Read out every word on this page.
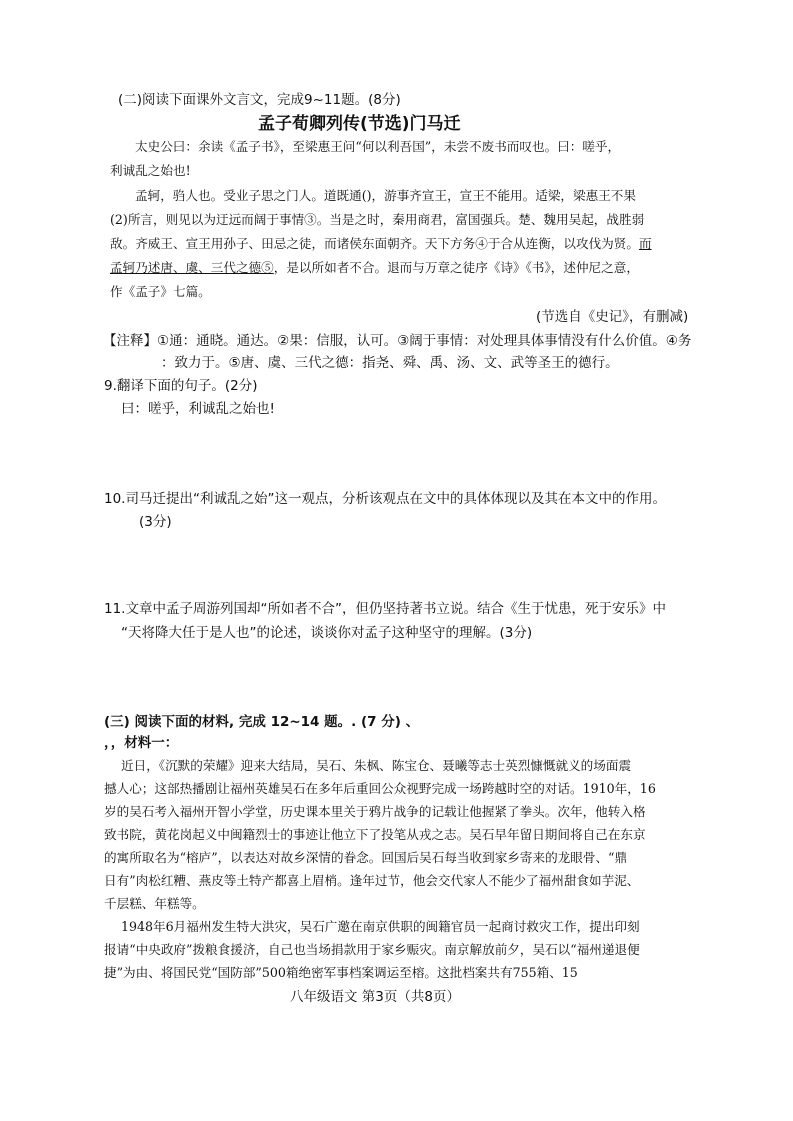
(二)阅读下面课外文言文，完成9~11题。(8分)
孟子荀卿列传(节选)门马迁
太史公曰：余读《孟子书》，至梁惠王问“何以利吾国”，未尝不废书而叹也。曰：嗟乎，
利诚乱之始也!
孟轲，驺人也。受业子思之门人。道既通()，游事齐宣王，宣王不能用。适梁，梁惠王不果
(2)所言，则见以为迂远而阔于事情③。当是之时，秦用商君，富国强兵。楚、魏用吴起，战胜弱
敌。齐威王、宣王用孙子、田忌之徒，而诸侯东面朝齐。天下方务④于合从连衡，以攻伐为贤。而
孟轲乃述唐、虞、三代之德⑤，是以所如者不合。退而与万章之徒序《诗》《书》，述仲尼之意，
作《孟子》七篇。
(节选自《史记》，有删减)
【注释】①通：通晓。通达。②果：信服，认可。③阔于事情：对处理具体事情没有什么价值。④务
：致力于。⑤唐、虞、三代之德：指尧、舜、禹、汤、文、武等圣王的德行。
9.翻译下面的句子。(2分)
曰：嗟乎，利诚乱之始也!
10.司马迁提出“利诚乱之始”这一观点，分析该观点在文中的具体体现以及其在本文中的作用。
(3分)
11.文章中孟子周游列国却“所如者不合”，但仍坚持著书立说。结合《生于忧患，死于安乐》中
“天将降大任于是人也”的论述，谈谈你对孟子这种坚守的理解。(3分)
(三) 阅读下面的材料, 完成 12~14 题。. (7 分) 、
，，材料一：
近日，《沉默的荣耀》迎来大结局，吴石、朱枫、陈宝仓、聂曦等志士英烈慷慨就义的场面震
撼人心；这部热播剧让福州英雄吴石在多年后重回公众视野完成一场跨越时空的对话。1910年，16
岁的吴石考入福州开智小学堂，历史课本里关于鸦片战争的记载让他握紧了拳头。次年，他转入格
致书院，黄花岗起义中闽籍烈士的事迹让他立下了投笔从戎之志。吴石早年留日期间将自己在东京
的寓所取名为“榕庐”，以表达对故乡深情的眷念。回国后吴石每当收到家乡寄来的龙眼骨、“鼎
日有”肉松红糟、燕皮等土特产都喜上眉梢。逢年过节，他会交代家人不能少了福州甜食如芋泥、
千层糕、年糕等。
1948年6月福州发生特大洪灾，吴石广邀在南京供职的闽籍官员一起商讨救灾工作，提出印刻
报请“中央政府”拨粮食援济，自己也当场捐款用于家乡赈灾。南京解放前夕，吴石以“福州递退便
捷”为由、将国民党“国防部”500箱绝密军事档案调运至榕。这批档案共有755箱、15
八年级语文 第3页（共8页）
